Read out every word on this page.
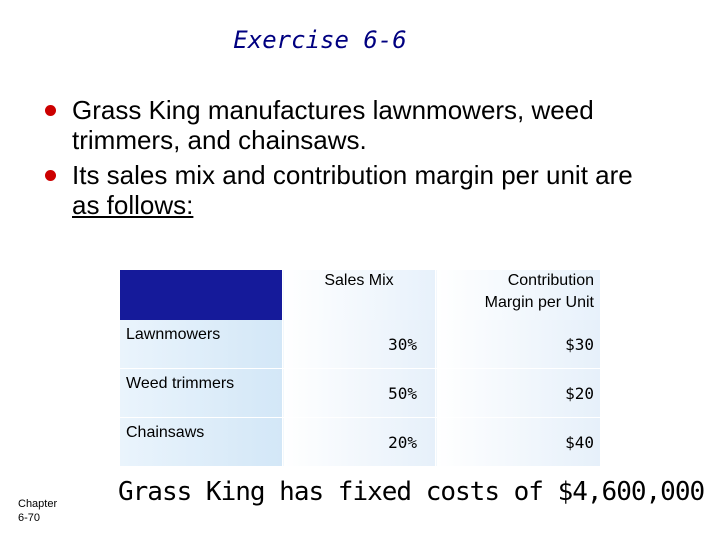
Exercise 6-6
Grass King manufactures lawnmowers, weed
trimmers, and chainsaws.
Its sales mix and contribution margin per unit are
as follows:
	Sales Mix	Contribution
Margin per Unit
Lawnmowers	30%	$30
Weed trimmers	50%	$20
Chainsaws	20%	$40
Grass King has fixed costs of $4,600,000
Chapter
6-70
